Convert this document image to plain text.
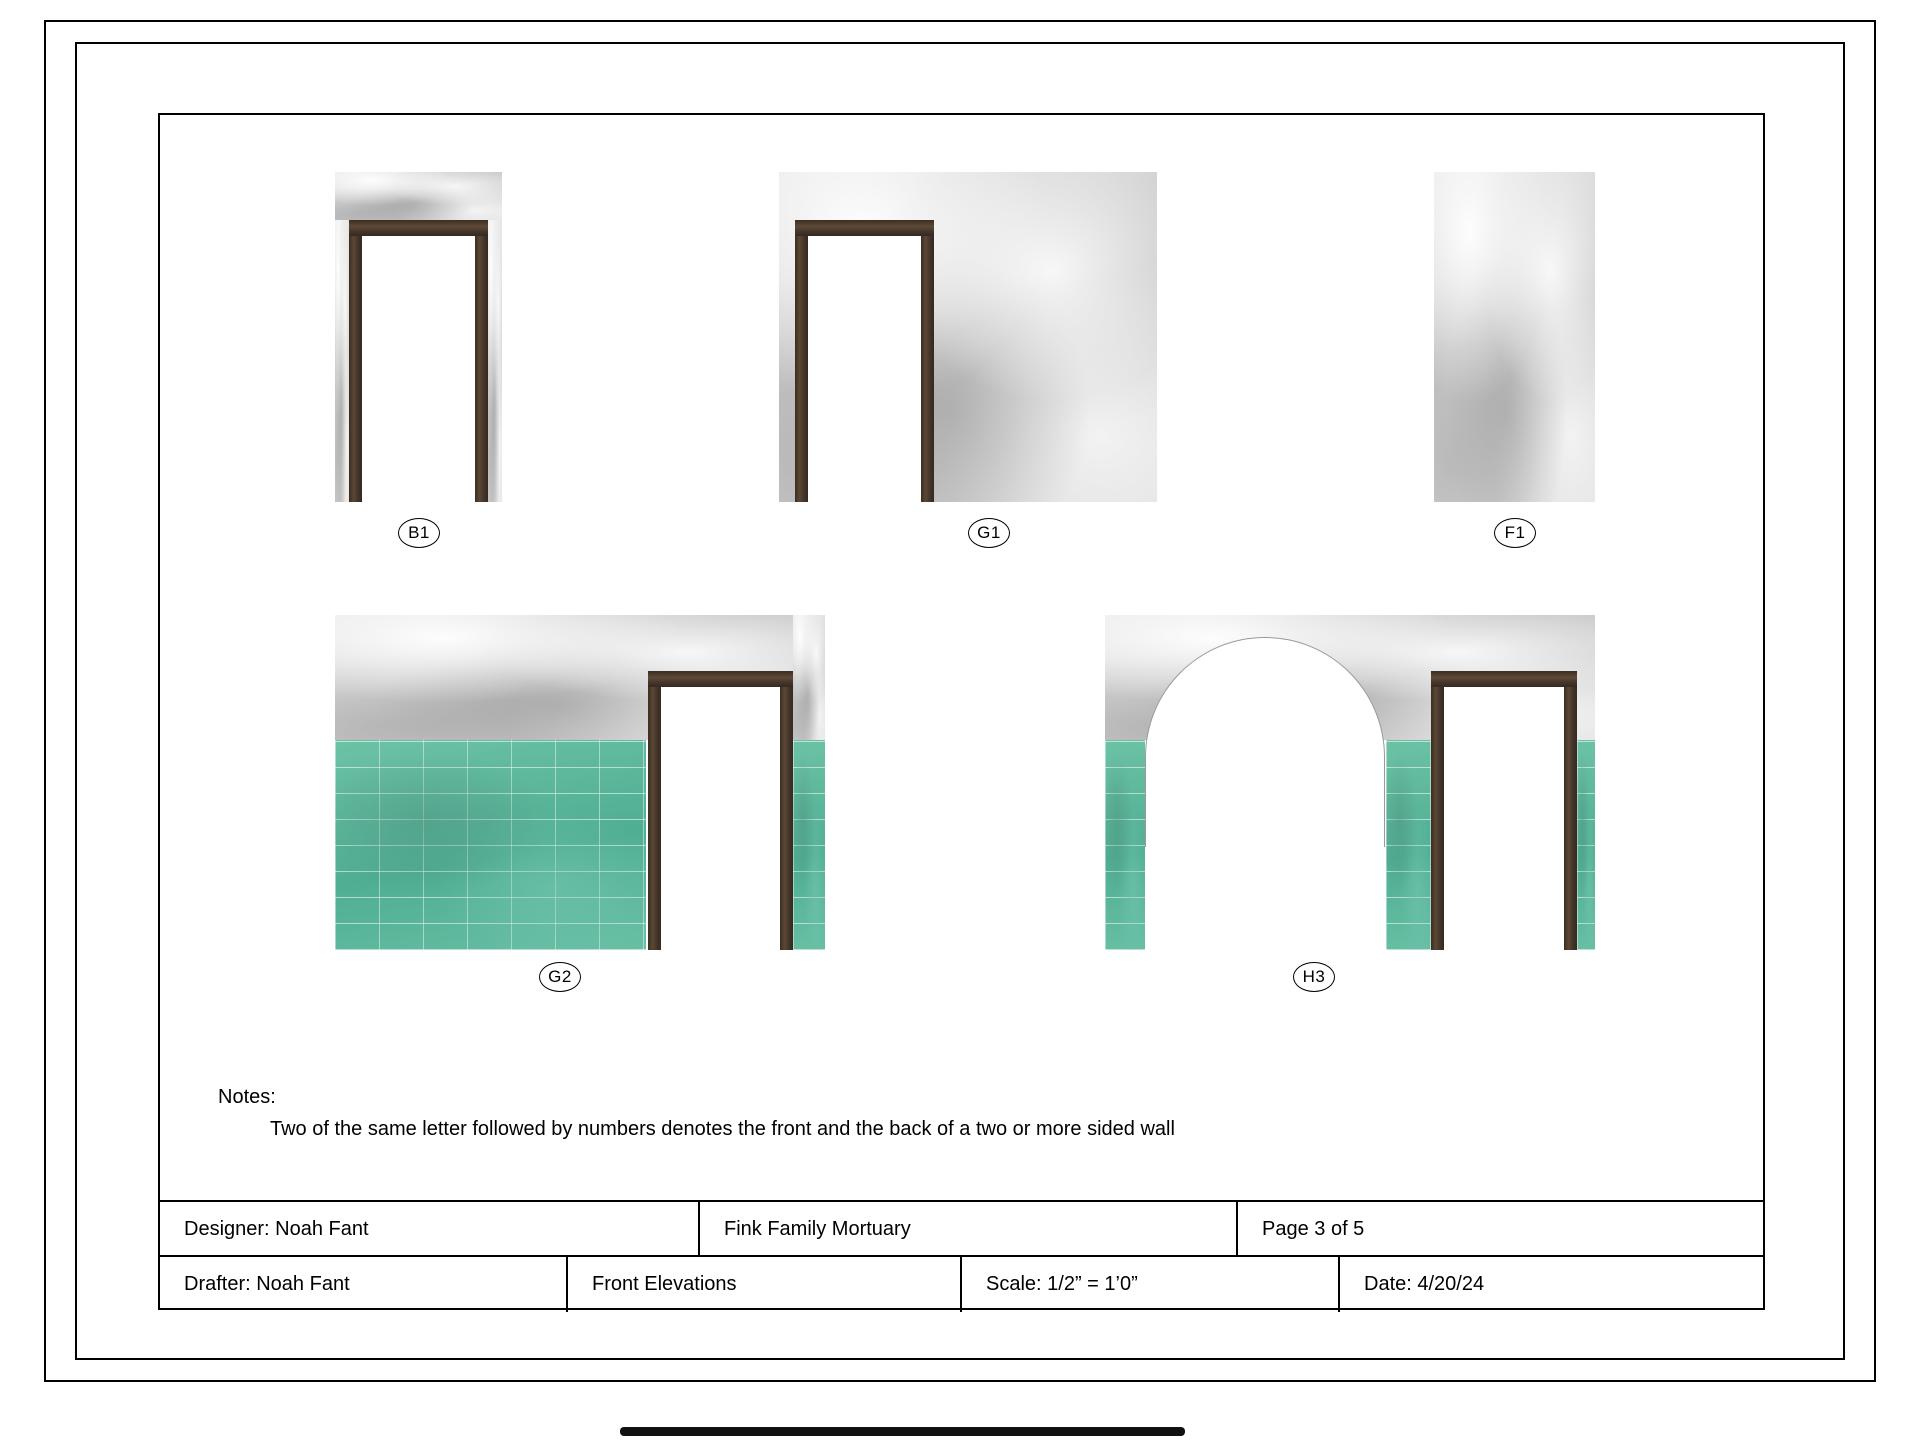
B1	G1	F1
G2	H3
Notes:
Two of the same letter followed by numbers denotes the front and the back of a two or more sided wall
Designer: Noah Fant	Fink Family Mortuary	Page 3 of 5
Drafter: Noah Fant	Front Elevations	Scale: 1/2” = 1’0”	Date: 4/20/24
